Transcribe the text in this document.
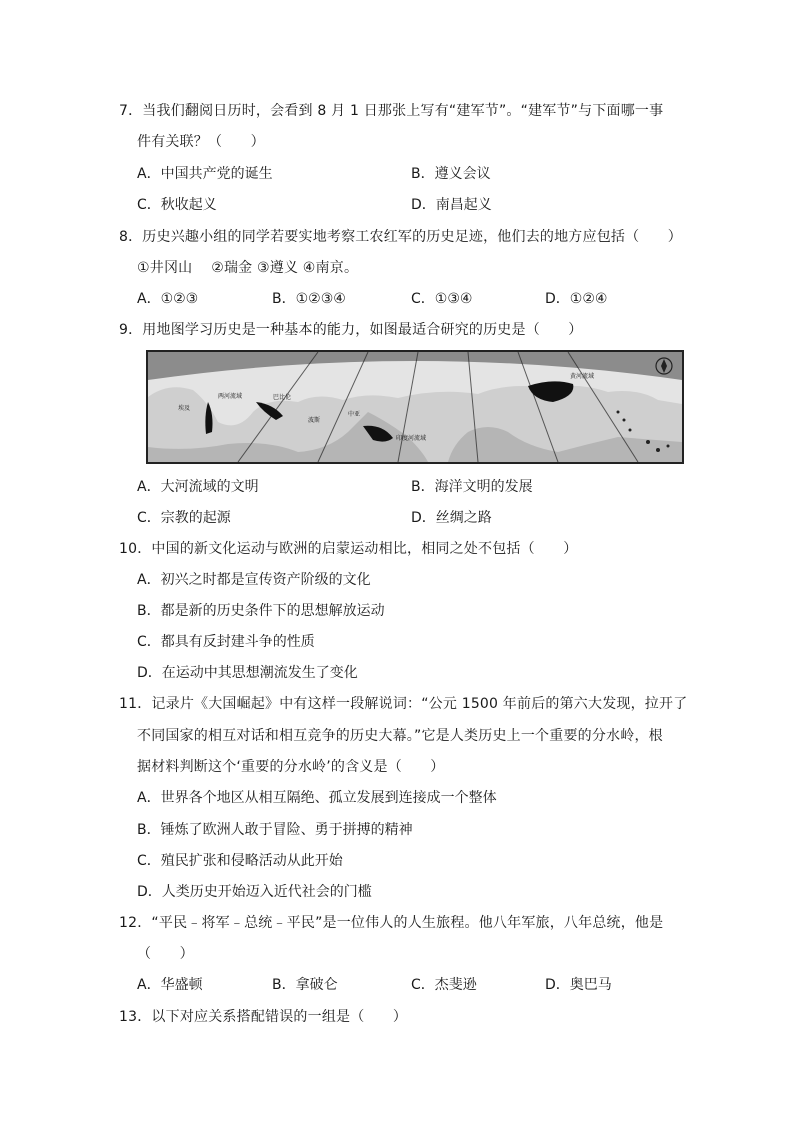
7．当我们翻阅日历时，会看到 8 月 1 日那张上写有“建军节”。“建军节”与下面哪一事
件有关联？（　　）
A．中国共产党的诞生	B．遵义会议
C．秋收起义	D．南昌起义
8．历史兴趣小组的同学若要实地考察工农红军的历史足迹，他们去的地方应包括（　　）
①井冈山　 ②瑞金 ③遵义 ④南京。
A．①②③	B．①②③④	C．①③④	D．①②④
9．用地图学习历史是一种基本的能力，如图最适合研究的历史是（　　）
埃及
两河流域	巴比伦
波斯
中亚
印度河流域
黄河流域
A．大河流域的文明	B．海洋文明的发展
C．宗教的起源	D．丝绸之路
10．中国的新文化运动与欧洲的启蒙运动相比，相同之处不包括（　　）
A．初兴之时都是宣传资产阶级的文化
B．都是新的历史条件下的思想解放运动
C．都具有反封建斗争的性质
D．在运动中其思想潮流发生了变化
11．记录片《大国崛起》中有这样一段解说词：“公元 1500 年前后的第六大发现，拉开了
不同国家的相互对话和相互竞争的历史大幕。”它是人类历史上一个重要的分水岭，根
据材料判断这个‘重要的分水岭’的含义是（　　）
A．世界各个地区从相互隔绝、孤立发展到连接成一个整体
B．锤炼了欧洲人敢于冒险、勇于拼搏的精神
C．殖民扩张和侵略活动从此开始
D．人类历史开始迈入近代社会的门槛
12．“平民﹣将军﹣总统﹣平民”是一位伟人的人生旅程。他八年军旅，八年总统，他是
（　　）
A．华盛顿	B．拿破仑	C．杰斐逊	D．奥巴马
13．以下对应关系搭配错误的一组是（　　）
